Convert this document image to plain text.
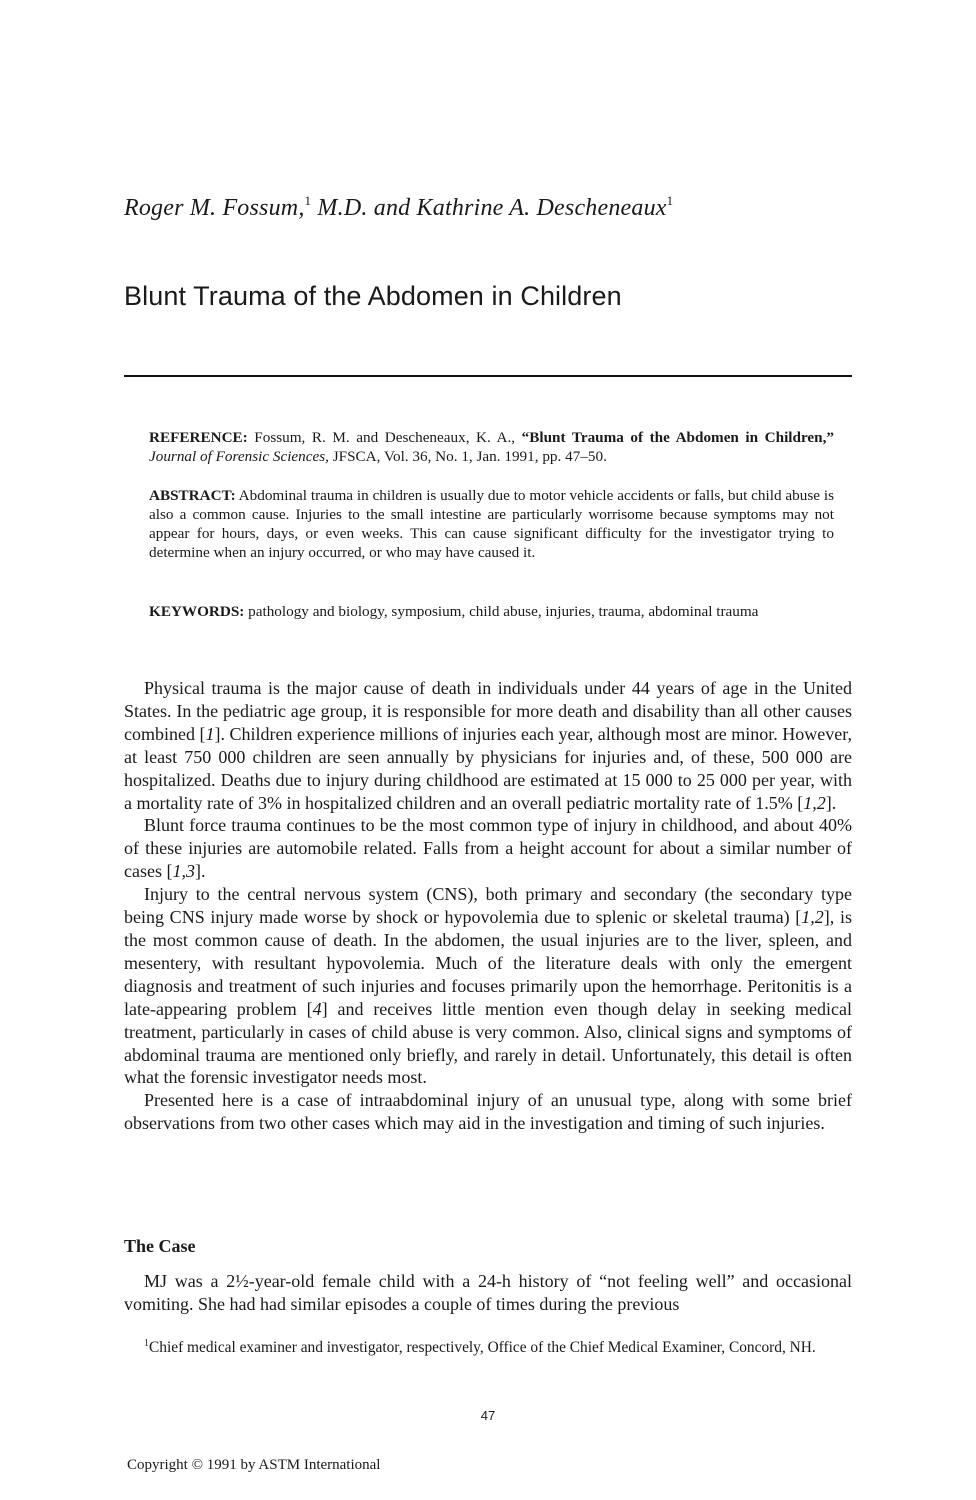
Roger M. Fossum,$^1$ M.D. and Kathrine A. Descheneaux$^1$
Blunt Trauma of the Abdomen in Children
REFERENCE: Fossum, R. M. and Descheneaux, K. A., “Blunt Trauma of the Abdomen in Children,” Journal of Forensic Sciences, JFSCA, Vol. 36, No. 1, Jan. 1991, pp. 47–50.
ABSTRACT: Abdominal trauma in children is usually due to motor vehicle accidents or falls, but child abuse is also a common cause. Injuries to the small intestine are particularly worrisome because symptoms may not appear for hours, days, or even weeks. This can cause significant difficulty for the investigator trying to determine when an injury occurred, or who may have caused it.
KEYWORDS: pathology and biology, symposium, child abuse, injuries, trauma, abdominal trauma

Physical trauma is the major cause of death in individuals under 44 years of age in the United States. In the pediatric age group, it is responsible for more death and disability than all other causes combined [1]. Children experience millions of injuries each year, although most are minor. However, at least 750 000 children are seen annually by physicians for injuries and, of these, 500 000 are hospitalized. Deaths due to injury during childhood are estimated at 15 000 to 25 000 per year, with a mortality rate of 3% in hospitalized children and an overall pediatric mortality rate of 1.5% [1,2].

Blunt force trauma continues to be the most common type of injury in childhood, and about 40% of these injuries are automobile related. Falls from a height account for about a similar number of cases [1,3].

Injury to the central nervous system (CNS), both primary and secondary (the secondary type being CNS injury made worse by shock or hypovolemia due to splenic or skeletal trauma) [1,2], is the most common cause of death. In the abdomen, the usual injuries are to the liver, spleen, and mesentery, with resultant hypovolemia. Much of the literature deals with only the emergent diagnosis and treatment of such injuries and focuses primarily upon the hemorrhage. Peritonitis is a late-appearing problem [4] and receives little mention even though delay in seeking medical treatment, particularly in cases of child abuse is very common. Also, clinical signs and symptoms of abdominal trauma are mentioned only briefly, and rarely in detail. Unfortunately, this detail is often what the forensic investigator needs most.

Presented here is a case of intraabdominal injury of an unusual type, along with some brief observations from two other cases which may aid in the investigation and timing of such injuries.

The Case

MJ was a 2½-year-old female child with a 24-h history of “not feeling well” and occasional vomiting. She had had similar episodes a couple of times during the previous

$^1$Chief medical examiner and investigator, respectively, Office of the Chief Medical Examiner, Concord, NH.
47
Copyright © 1991 by ASTM International
